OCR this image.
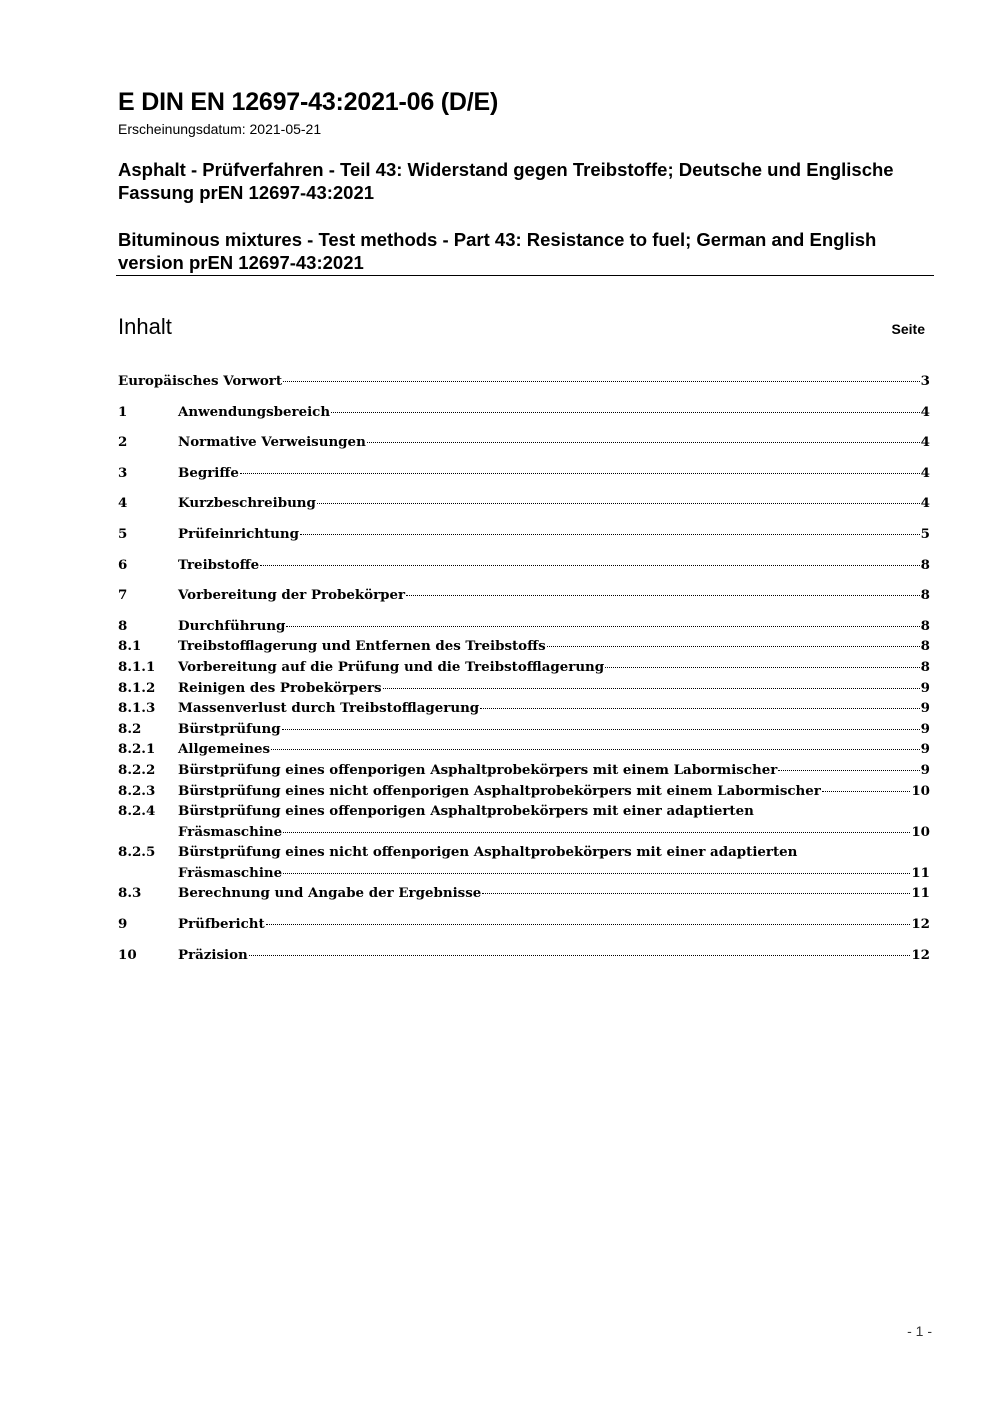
E DIN EN 12697-43:2021-06 (D/E)
Erscheinungsdatum: 2021-05-21
Asphalt - Prüfverfahren - Teil 43: Widerstand gegen Treibstoffe; Deutsche und Englische Fassung prEN 12697-43:2021
Bituminous mixtures - Test methods - Part 43: Resistance to fuel; German and English version prEN 12697-43:2021
Inhalt	Seite
Europäisches Vorwort	3
1	Anwendungsbereich	4
2	Normative Verweisungen	4
3	Begriffe	4
4	Kurzbeschreibung	4
5	Prüfeinrichtung	5
6	Treibstoffe	8
7	Vorbereitung der Probekörper	8
8	Durchführung	8
8.1	Treibstofflagerung und Entfernen des Treibstoffs	8
8.1.1 Vorbereitung auf die Prüfung und die Treibstofflagerung	8
8.1.2 Reinigen des Probekörpers	9
8.1.3 Massenverlust durch Treibstofflagerung	9
8.2	Bürstprüfung	9
8.2.1 Allgemeines	9
8.2.2 Bürstprüfung eines offenporigen Asphaltprobekörpers mit einem Labormischer	9
8.2.3 Bürstprüfung eines nicht offenporigen Asphaltprobekörpers mit einem Labormischer	10
8.2.4 Bürstprüfung eines offenporigen Asphaltprobekörpers mit einer adaptierten
Fräsmaschine	10
8.2.5 Bürstprüfung eines nicht offenporigen Asphaltprobekörpers mit einer adaptierten
Fräsmaschine	11
8.3	Berechnung und Angabe der Ergebnisse	11
9	Prüfbericht	12
10	Präzision	12
- 1 -
